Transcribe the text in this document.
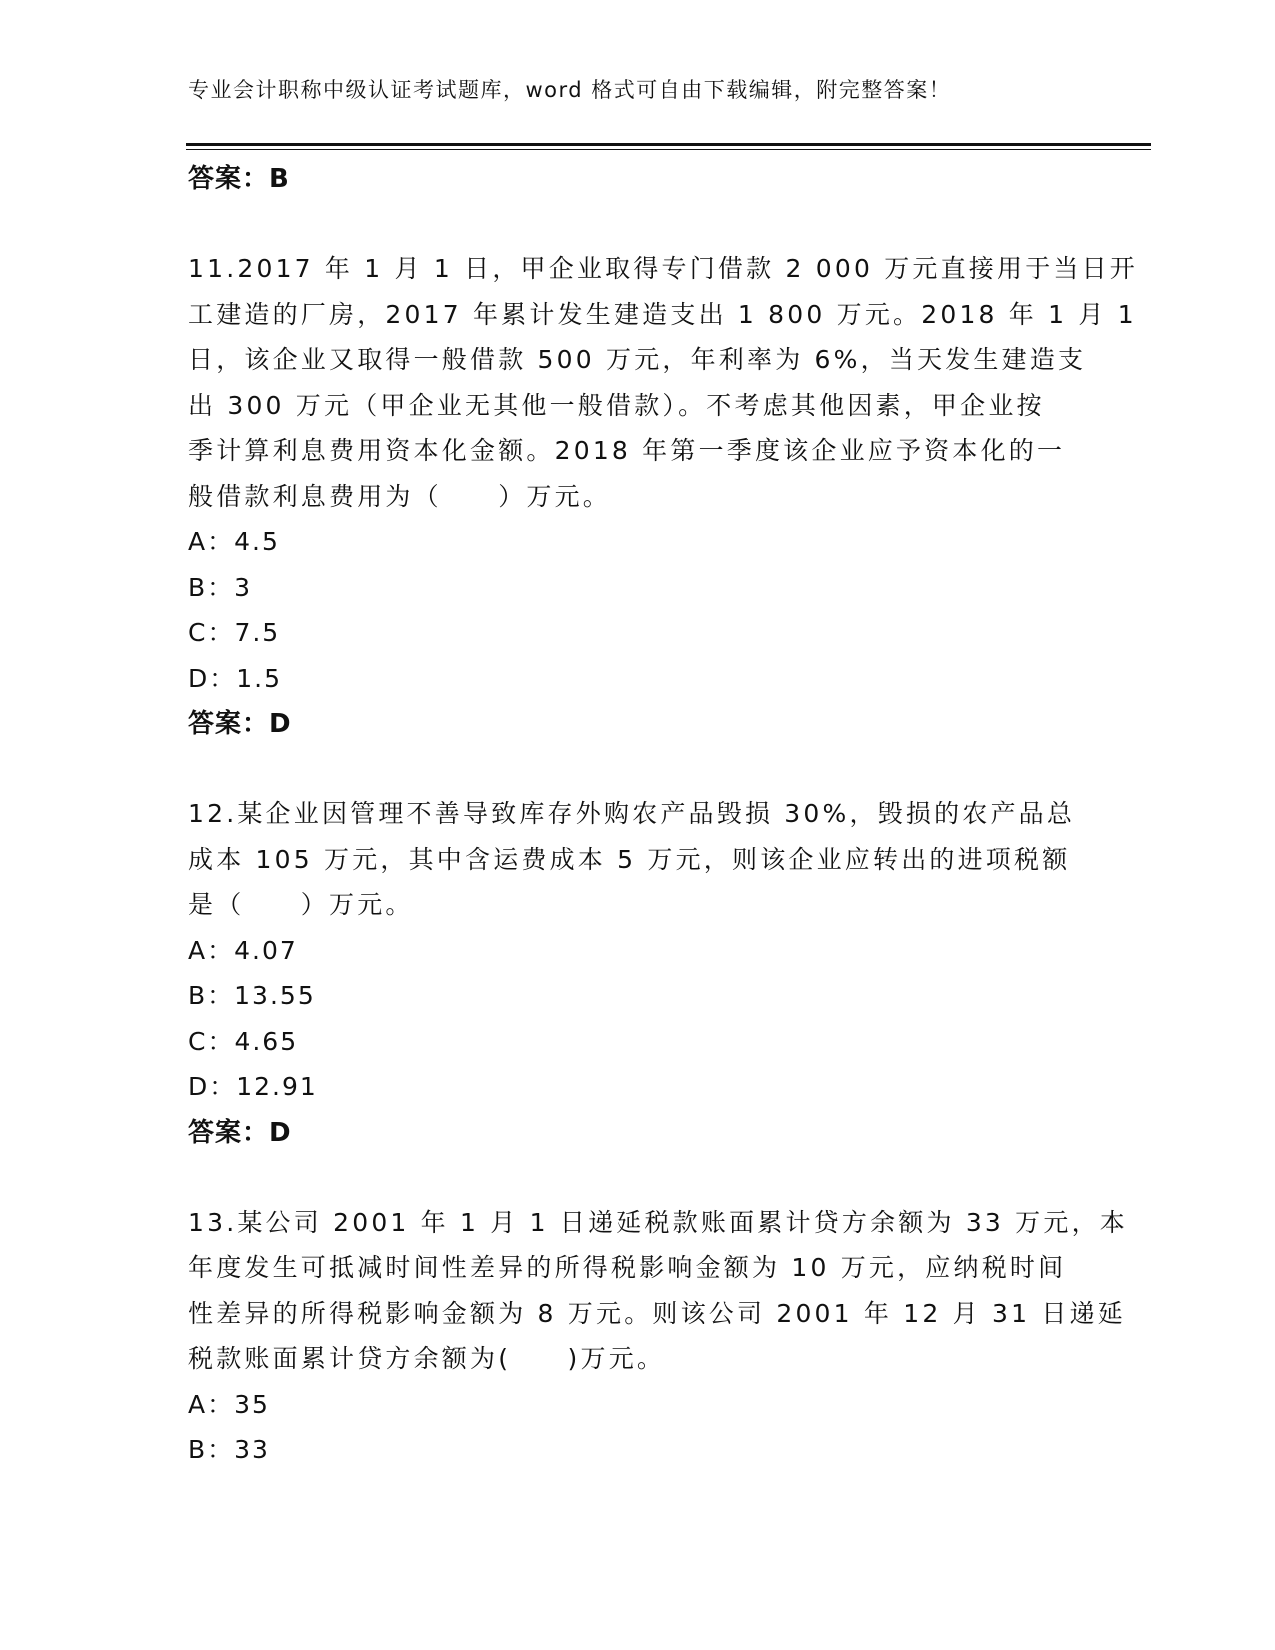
专业会计职称中级认证考试题库，word 格式可自由下载编辑，附完整答案！
答案：B
11.2017 年 1 月 1 日，甲企业取得专门借款 2 000 万元直接用于当日开
工建造的厂房，2017 年累计发生建造支出 1 800 万元。2018 年 1 月 1
日，该企业又取得一般借款 500 万元，年利率为 6%，当天发生建造支
出 300 万元（甲企业无其他一般借款）。不考虑其他因素，甲企业按
季计算利息费用资本化金额。2018 年第一季度该企业应予资本化的一
般借款利息费用为（　　）万元。
A：4.5
B：3
C：7.5
D：1.5
答案：D
12.某企业因管理不善导致库存外购农产品毁损 30%，毁损的农产品总
成本 105 万元，其中含运费成本 5 万元，则该企业应转出的进项税额
是（　　）万元。
A：4.07
B：13.55
C：4.65
D：12.91
答案：D
13.某公司 2001 年 1 月 1 日递延税款账面累计贷方余额为 33 万元，本
年度发生可抵减时间性差异的所得税影响金额为 10 万元，应纳税时间
性差异的所得税影响金额为 8 万元。则该公司 2001 年 12 月 31 日递延
税款账面累计贷方余额为(　　)万元。
A：35
B：33
